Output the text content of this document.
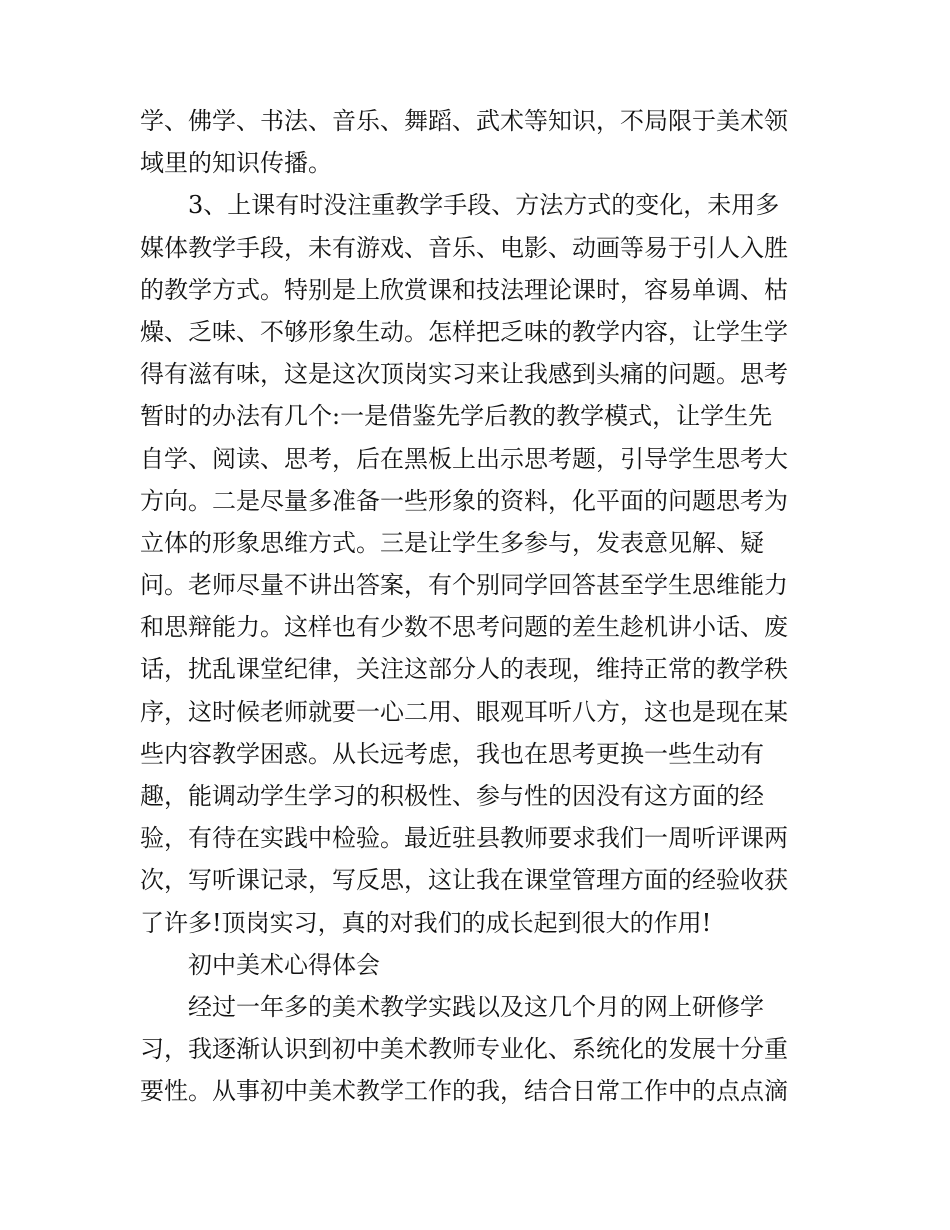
学、佛学、书法、音乐、舞蹈、武术等知识，不局限于美术领
域里的知识传播。
3、上课有时没注重教学手段、方法方式的变化，未用多
媒体教学手段，未有游戏、音乐、电影、动画等易于引人入胜
的教学方式。特别是上欣赏课和技法理论课时，容易单调、枯
燥、乏味、不够形象生动。怎样把乏味的教学内容，让学生学
得有滋有味，这是这次顶岗实习来让我感到头痛的问题。思考
暂时的办法有几个:一是借鉴先学后教的教学模式，让学生先
自学、阅读、思考，后在黑板上出示思考题，引导学生思考大
方向。二是尽量多准备一些形象的资料，化平面的问题思考为
立体的形象思维方式。三是让学生多参与，发表意见解、疑
问。老师尽量不讲出答案，有个别同学回答甚至学生思维能力
和思辩能力。这样也有少数不思考问题的差生趁机讲小话、废
话，扰乱课堂纪律，关注这部分人的表现，维持正常的教学秩
序，这时候老师就要一心二用、眼观耳听八方，这也是现在某
些内容教学困惑。从长远考虑，我也在思考更换一些生动有
趣，能调动学生学习的积极性、参与性的因没有这方面的经
验，有待在实践中检验。最近驻县教师要求我们一周听评课两
次，写听课记录，写反思，这让我在课堂管理方面的经验收获
了许多!顶岗实习，真的对我们的成长起到很大的作用!
初中美术心得体会
经过一年多的美术教学实践以及这几个月的网上研修学
习，我逐渐认识到初中美术教师专业化、系统化的发展十分重
要性。从事初中美术教学工作的我，结合日常工作中的点点滴
